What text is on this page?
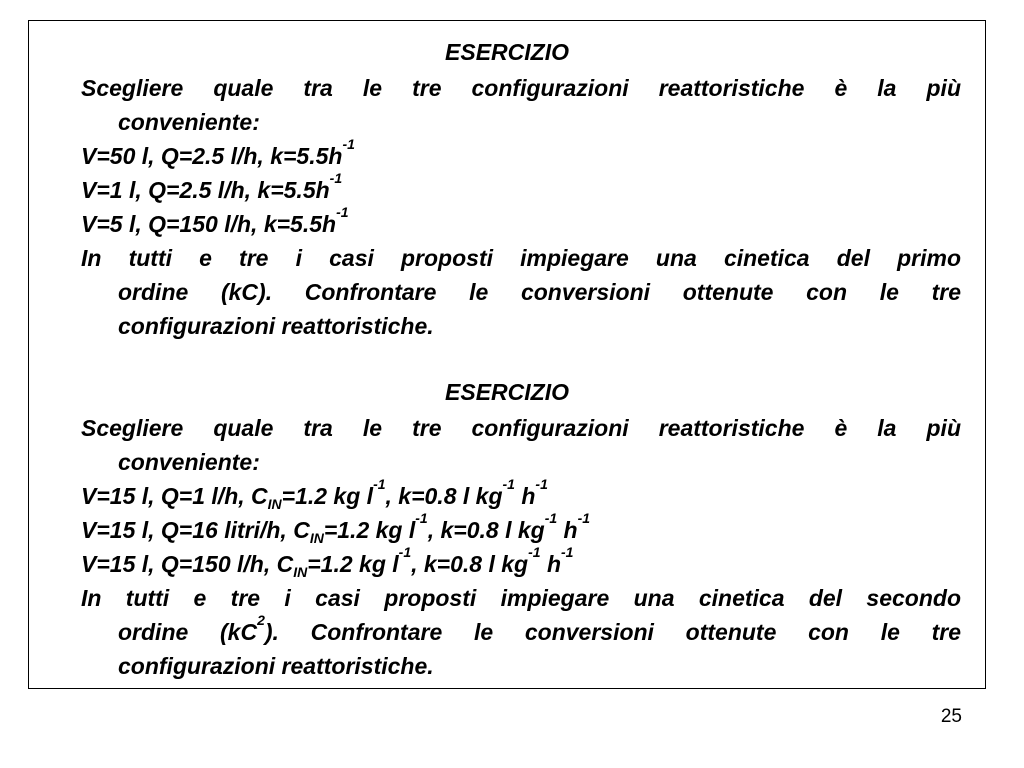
ESERCIZIO
Scegliere quale tra le tre configurazioni reattoristiche è la più
conveniente:
V=50 l, Q=2.5 l/h, $k=5.5h^{-1}$
V=1 l, Q=2.5 l/h, $k=5.5h^{-1}$
V=5 l, Q=150 l/h, $k=5.5h^{-1}$
In tutti e tre i casi proposti impiegare una cinetica del primo
ordine (kC). Confrontare le conversioni ottenute con le tre
configurazioni reattoristiche.
ESERCIZIO
Scegliere quale tra le tre configurazioni reattoristiche è la più
conveniente:
V=15 l, Q=1 l/h, $C_{IN}=1.2$ kg $l^{-1}$, k=0.8 l $kg^{-1}$ $h^{-1}$
V=15 l, Q=16 litri/h, $C_{IN}=1.2$ kg $l^{-1}$, k=0.8 l $kg^{-1}$ $h^{-1}$
V=15 l, Q=150 l/h, $C_{IN}=1.2$ kg $l^{-1}$, k=0.8 l $kg^{-1}$ $h^{-1}$
In tutti e tre i casi proposti impiegare una cinetica del secondo
ordine $(kC^2)$. Confrontare le conversioni ottenute con le tre
configurazioni reattoristiche.
25
